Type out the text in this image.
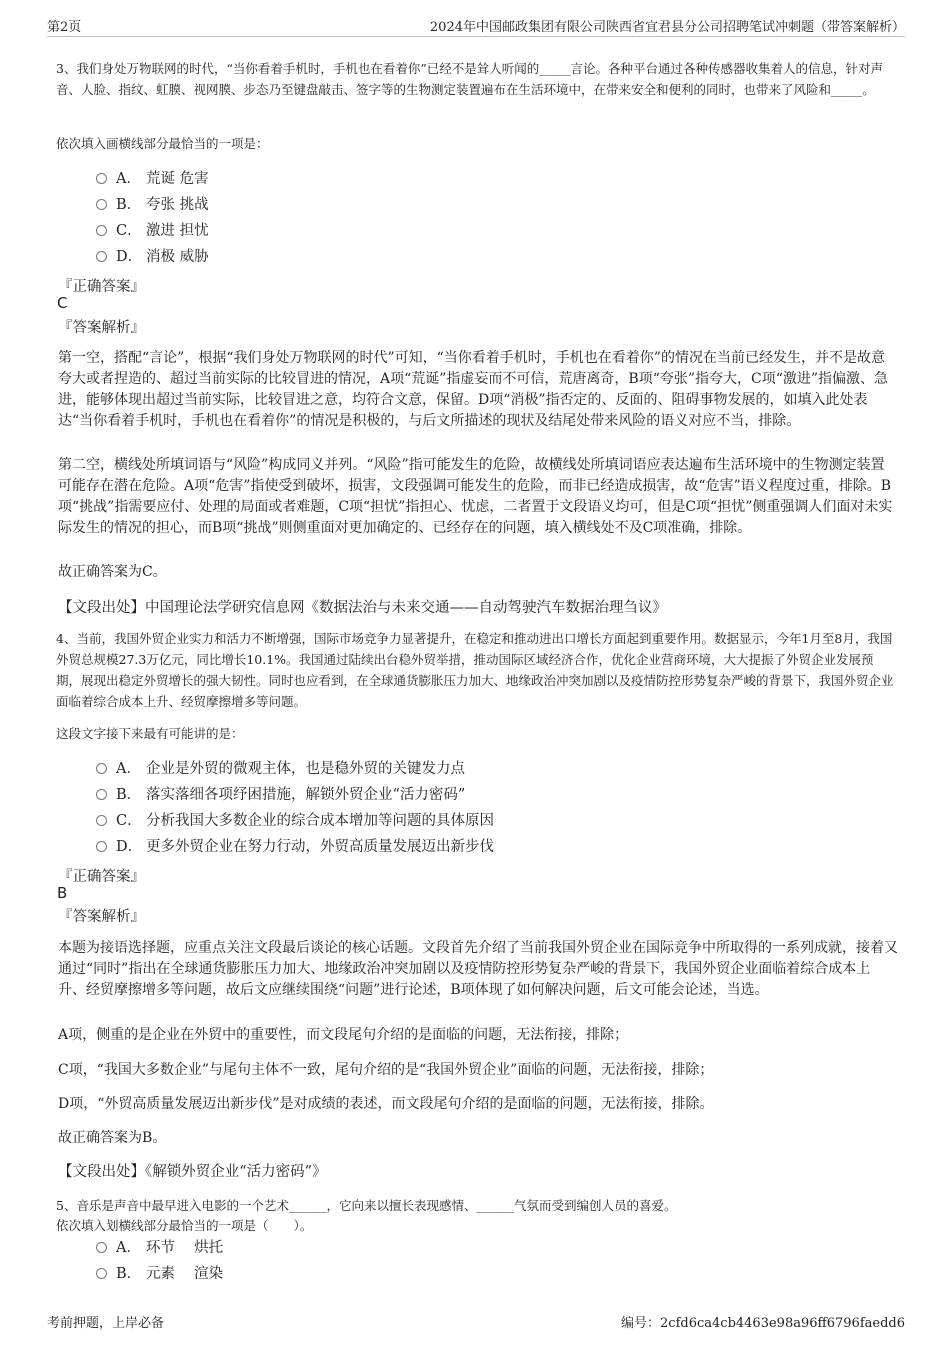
第2页	2024年中国邮政集团有限公司陕西省宜君县分公司招聘笔试冲刺题（带答案解析）
3、我们身处万物联网的时代，“当你看着手机时，手机也在看着你”已经不是耸人听闻的_____言论。各种平台通过各种传感器收集着人的信息，针对声音、人脸、指纹、虹膜、视网膜、步态乃至键盘敲击、签字等的生物测定装置遍布在生活环境中，在带来安全和便利的同时，也带来了风险和_____。
依次填入画横线部分最恰当的一项是：
A． 荒诞 危害
B． 夸张 挑战
C． 激进 担忧
D． 消极 威胁
『正确答案』
C
『答案解析』
第一空，搭配“言论”，根据“我们身处万物联网的时代”可知，“当你看着手机时，手机也在看着你”的情况在当前已经发生，并不是故意夸大或者捏造的、超过当前实际的比较冒进的情况，A项“荒诞”指虚妄而不可信，荒唐离奇，B项“夸张”指夸大，C项“激进”指偏激、急进，能够体现出超过当前实际，比较冒进之意，均符合文意，保留。D项“消极”指否定的、反面的、阻碍事物发展的，如填入此处表达“当你看着手机时，手机也在看着你”的情况是积极的，与后文所描述的现状及结尾处带来风险的语义对应不当，排除。
第二空，横线处所填词语与“风险”构成同义并列。“风险”指可能发生的危险，故横线处所填词语应表达遍布生活环境中的生物测定装置可能存在潜在危险。A项“危害”指使受到破坏，损害，文段强调可能发生的危险，而非已经造成损害，故“危害”语义程度过重，排除。B项“挑战”指需要应付、处理的局面或者难题，C项“担忧”指担心、忧虑，二者置于文段语义均可，但是C项“担忧”侧重强调人们面对未实际发生的情况的担心，而B项“挑战”则侧重面对更加确定的、已经存在的问题，填入横线处不及C项准确，排除。
故正确答案为C。
【文段出处】中国理论法学研究信息网《数据法治与未来交通——自动驾驶汽车数据治理刍议》
4、当前，我国外贸企业实力和活力不断增强，国际市场竞争力显著提升，在稳定和推动进出口增长方面起到重要作用。数据显示，今年1月至8月，我国外贸总规模27.3万亿元，同比增长10.1%。我国通过陆续出台稳外贸举措，推动国际区域经济合作，优化企业营商环境，大大提振了外贸企业发展预期，展现出稳定外贸增长的强大韧性。同时也应看到，在全球通货膨胀压力加大、地缘政治冲突加剧以及疫情防控形势复杂严峻的背景下，我国外贸企业面临着综合成本上升、经贸摩擦增多等问题。
这段文字接下来最有可能讲的是：
A． 企业是外贸的微观主体，也是稳外贸的关键发力点
B． 落实落细各项纾困措施，解锁外贸企业“活力密码”
C． 分析我国大多数企业的综合成本增加等问题的具体原因
D． 更多外贸企业在努力行动，外贸高质量发展迈出新步伐
『正确答案』
B
『答案解析』
本题为接语选择题，应重点关注文段最后谈论的核心话题。文段首先介绍了当前我国外贸企业在国际竞争中所取得的一系列成就，接着又通过“同时”指出在全球通货膨胀压力加大、地缘政治冲突加剧以及疫情防控形势复杂严峻的背景下，我国外贸企业面临着综合成本上升、经贸摩擦增多等问题，故后文应继续围绕“问题”进行论述，B项体现了如何解决问题，后文可能会论述，当选。
A项，侧重的是企业在外贸中的重要性，而文段尾句介绍的是面临的问题，无法衔接，排除；
C项，“我国大多数企业”与尾句主体不一致，尾句介绍的是“我国外贸企业”面临的问题，无法衔接，排除；
D项，“外贸高质量发展迈出新步伐”是对成绩的表述，而文段尾句介绍的是面临的问题，无法衔接，排除。
故正确答案为B。
【文段出处】《解锁外贸企业“活力密码”》
5、音乐是声音中最早进入电影的一个艺术______，它向来以擅长表现感情、______气氛而受到编创人员的喜爱。
依次填入划横线部分最恰当的一项是（　　）。
A． 环节　 烘托
B． 元素　 渲染
考前押题，上岸必备	编号：2cfd6ca4cb4463e98a96ff6796faedd6
